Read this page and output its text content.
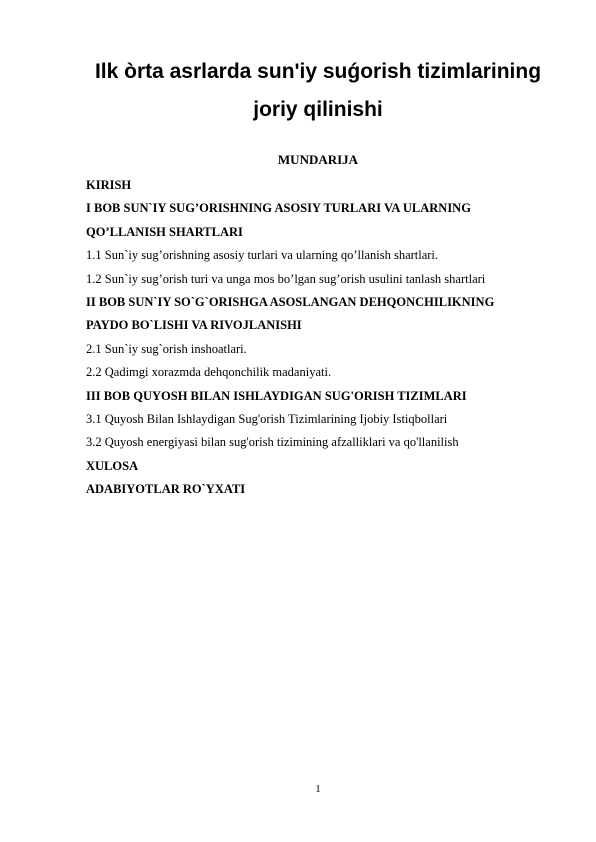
Ilk òrta asrlarda sun'iy suǵorish tizimlarining
joriy qilinishi
MUNDARIJA
KIRISH
I BOB SUN`IY SUG’ORISHNING ASOSIY TURLARI VA ULARNING
QO’LLANISH SHARTLARI
1.1 Sun`iy sug’orishning asosiy turlari va ularning qo’llanish shartlari.
1.2 Sun`iy sug’orish turi va unga mos bo’lgan sug’orish usulini tanlash shartlari
II BOB SUN`IY SO`G`ORISHGA ASOSLANGAN DEHQONCHILIKNING
PAYDO BO`LISHI VA RIVOJLANISHI
2.1 Sun`iy sug`orish inshoatlari.
2.2 Qadimgi xorazmda dehqonchilik madaniyati.
III BOB QUYOSH BILAN ISHLAYDIGAN SUG'ORISH TIZIMLARI
3.1 Quyosh Bilan Ishlaydigan Sug'orish Tizimlarining Ijobiy Istiqbollari
3.2 Quyosh energiyasi bilan sug'orish tizimining afzalliklari va qo'llanilish
XULOSA
ADABIYOTLAR RO`YXATI
1
